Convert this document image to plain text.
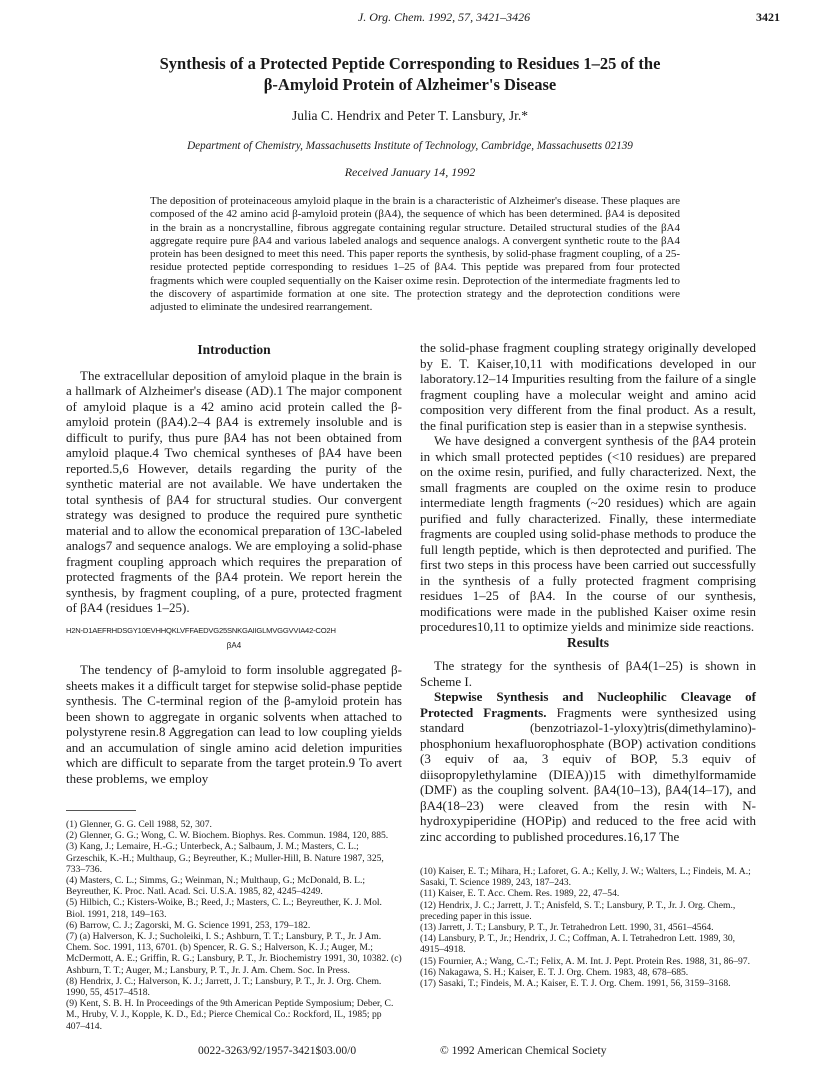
J. Org. Chem. 1992, 57, 3421–3426	3421
Synthesis of a Protected Peptide Corresponding to Residues 1–25 of the
β-Amyloid Protein of Alzheimer's Disease
Julia C. Hendrix and Peter T. Lansbury, Jr.*
Department of Chemistry, Massachusetts Institute of Technology, Cambridge, Massachusetts 02139
Received January 14, 1992

The deposition of proteinaceous amyloid plaque in the brain is a characteristic of Alzheimer's disease. These plaques are composed of the 42 amino acid β-amyloid protein (βA4), the sequence of which has been determined. βA4 is deposited in the brain as a noncrystalline, fibrous aggregate containing regular structure. Detailed structural studies of the βA4 aggregate require pure βA4 and various labeled analogs and sequence analogs. A convergent synthetic route to the βA4 protein has been designed to meet this need. This paper reports the synthesis, by solid-phase fragment coupling, of a 25-residue protected peptide corresponding to residues 1–25 of βA4. This peptide was prepared from four protected fragments which were coupled sequentially on the Kaiser oxime resin. Deprotection of the intermediate fragments led to the discovery of aspartimide formation at one site. The protection strategy and the deprotection conditions were adjusted to eliminate the undesired rearrangement.

Introduction

The extracellular deposition of amyloid plaque in the brain is a hallmark of Alzheimer's disease (AD).1 The major component of amyloid plaque is a 42 amino acid protein called the β-amyloid protein (βA4).2–4 βA4 is extremely insoluble and is difficult to purify, thus pure βA4 has not been obtained from amyloid plaque.4 Two chemical syntheses of βA4 have been reported.5,6 However, details regarding the purity of the synthetic material are not available. We have undertaken the total synthesis of βA4 for structural studies. Our convergent strategy was designed to produce the required pure synthetic material and to allow the economical preparation of 13C-labeled analogs7 and sequence analogs. We are employing a solid-phase fragment coupling approach which requires the preparation of protected fragments of the βA4 protein. We report herein the synthesis, by fragment coupling, of a pure, protected fragment of βA4 (residues 1–25).

H2N-D1AEFRHDSGY10EVHHQKLVFFAEDVG25SNKGAIIGLMVGGVVIA42-CO2H
βA4

The tendency of β-amyloid to form insoluble aggregated β-sheets makes it a difficult target for stepwise solid-phase peptide synthesis. The C-terminal region of the β-amyloid protein has been shown to aggregate in organic solvents when attached to polystyrene resin.8 Aggregation can lead to low coupling yields and an accumulation of single amino acid deletion impurities which are difficult to separate from the target protein.9 To avert these problems, we employ

the solid-phase fragment coupling strategy originally developed by E. T. Kaiser,10,11 with modifications developed in our laboratory.12–14 Impurities resulting from the failure of a single fragment coupling have a molecular weight and amino acid composition very different from the final product. As a result, the final purification step is easier than in a stepwise synthesis.

We have designed a convergent synthesis of the βA4 protein in which small protected peptides (<10 residues) are prepared on the oxime resin, purified, and fully characterized. Next, the small fragments are coupled on the oxime resin to produce intermediate length fragments (~20 residues) which are again purified and fully characterized. Finally, these intermediate fragments are coupled using solid-phase methods to produce the full length peptide, which is then deprotected and purified. The first two steps in this process have been carried out successfully in the synthesis of a fully protected fragment comprising residues 1–25 of βA4. In the course of our synthesis, modifications were made in the published Kaiser oxime resin procedures10,11 to optimize yields and minimize side reactions.

Results

The strategy for the synthesis of βA4(1–25) is shown in Scheme I.

Stepwise Synthesis and Nucleophilic Cleavage of Protected Fragments. Fragments were synthesized using standard (benzotriazol-1-yloxy)tris(dimethylamino)-phosphonium hexafluorophosphate (BOP) activation conditions (3 equiv of aa, 3 equiv of BOP, 5.3 equiv of diisopropylethylamine (DIEA))15 with dimethylformamide (DMF) as the coupling solvent. βA4(10–13), βA4(14–17), and βA4(18–23) were cleaved from the resin with N-hydroxypiperidine (HOPip) and reduced to the free acid with zinc according to published procedures.16,17 The

(1) Glenner, G. G. Cell 1988, 52, 307.

(2) Glenner, G. G.; Wong, C. W. Biochem. Biophys. Res. Commun. 1984, 120, 885.

(3) Kang, J.; Lemaire, H.-G.; Unterbeck, A.; Salbaum, J. M.; Masters, C. L.; Grzeschik, K.-H.; Multhaup, G.; Beyreuther, K.; Muller-Hill, B. Nature 1987, 325, 733–736.

(4) Masters, C. L.; Simms, G.; Weinman, N.; Multhaup, G.; McDonald, B. L.; Beyreuther, K. Proc. Natl. Acad. Sci. U.S.A. 1985, 82, 4245–4249.

(5) Hilbich, C.; Kisters-Woike, B.; Reed, J.; Masters, C. L.; Beyreuther, K. J. Mol. Biol. 1991, 218, 149–163.

(6) Barrow, C. J.; Zagorski, M. G. Science 1991, 253, 179–182.

(7) (a) Halverson, K. J.; Sucholeiki, I. S.; Ashburn, T. T.; Lansbury, P. T., Jr. J Am. Chem. Soc. 1991, 113, 6701. (b) Spencer, R. G. S.; Halverson, K. J.; Auger, M.; McDermott, A. E.; Griffin, R. G.; Lansbury, P. T., Jr. Biochemistry 1991, 30, 10382. (c) Ashburn, T. T.; Auger, M.; Lansbury, P. T., Jr. J. Am. Chem. Soc. In Press.

(8) Hendrix, J. C.; Halverson, K. J.; Jarrett, J. T.; Lansbury, P. T., Jr. J. Org. Chem. 1990, 55, 4517–4518.

(9) Kent, S. B. H. In Proceedings of the 9th American Peptide Symposium; Deber, C. M., Hruby, V. J., Kopple, K. D., Ed.; Pierce Chemical Co.: Rockford, IL, 1985; pp 407–414.

(10) Kaiser, E. T.; Mihara, H.; Laforet, G. A.; Kelly, J. W.; Walters, L.; Findeis, M. A.; Sasaki, T. Science 1989, 243, 187–243.

(11) Kaiser, E. T. Acc. Chem. Res. 1989, 22, 47–54.

(12) Hendrix, J. C.; Jarrett, J. T.; Anisfeld, S. T.; Lansbury, P. T., Jr. J. Org. Chem., preceding paper in this issue.

(13) Jarrett, J. T.; Lansbury, P. T., Jr. Tetrahedron Lett. 1990, 31, 4561–4564.

(14) Lansbury, P. T., Jr.; Hendrix, J. C.; Coffman, A. I. Tetrahedron Lett. 1989, 30, 4915–4918.

(15) Fournier, A.; Wang, C.-T.; Felix, A. M. Int. J. Pept. Protein Res. 1988, 31, 86–97.

(16) Nakagawa, S. H.; Kaiser, E. T. J. Org. Chem. 1983, 48, 678–685.

(17) Sasaki, T.; Findeis, M. A.; Kaiser, E. T. J. Org. Chem. 1991, 56, 3159–3168.

0022-3263/92/1957-3421$03.00/0	© 1992 American Chemical Society
